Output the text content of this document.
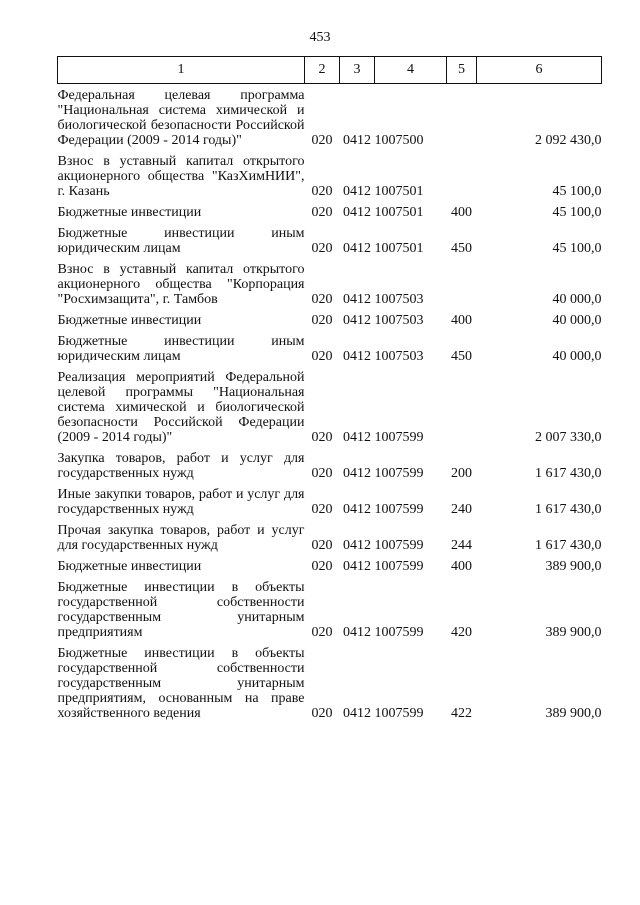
453
1	2	3	4	5	6
Федеральная целевая программа "Национальная система химической и биологической безопасности Российской Федерации (2009 - 2014 годы)"	020	0412	1007500		2 092 430,0
Взнос в уставный капитал открытого акционерного общества "КазХимНИИ", г. Казань	020	0412	1007501		45 100,0
Бюджетные инвестиции	020	0412	1007501	400	45 100,0
Бюджетные инвестиции иным юридическим лицам	020	0412	1007501	450	45 100,0
Взнос в уставный капитал открытого акционерного общества "Корпорация "Росхимзащита", г. Тамбов	020	0412	1007503		40 000,0
Бюджетные инвестиции	020	0412	1007503	400	40 000,0
Бюджетные инвестиции иным юридическим лицам	020	0412	1007503	450	40 000,0
Реализация мероприятий Федеральной целевой программы "Национальная система химической и биологической безопасности Российской Федерации (2009 - 2014 годы)"	020	0412	1007599		2 007 330,0
Закупка товаров, работ и услуг для государственных нужд	020	0412	1007599	200	1 617 430,0
Иные закупки товаров, работ и услуг для государственных нужд	020	0412	1007599	240	1 617 430,0
Прочая закупка товаров, работ и услуг для государственных нужд	020	0412	1007599	244	1 617 430,0
Бюджетные инвестиции	020	0412	1007599	400	389 900,0
Бюджетные инвестиции в объекты государственной собственности государственным унитарным предприятиям	020	0412	1007599	420	389 900,0
Бюджетные инвестиции в объекты государственной собственности государственным унитарным предприятиям, основанным на праве хозяйственного ведения	020	0412	1007599	422	389 900,0
